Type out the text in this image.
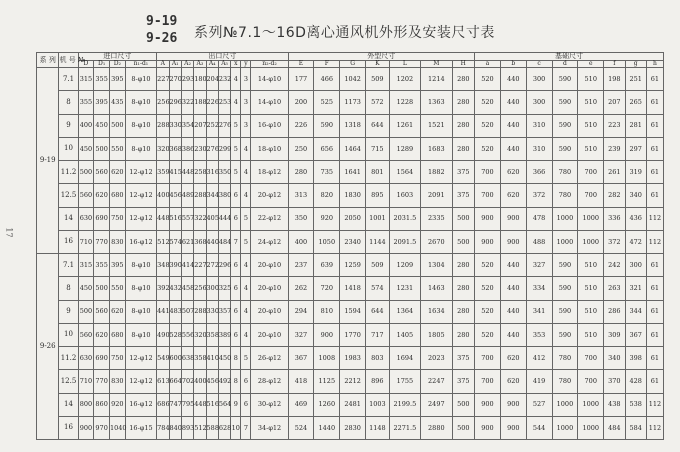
17
9-19
9-26 系列№7.1～16D离心通风机外形及安装尺寸表
系 列	机 号 №	进口尺寸				出口尺寸									外型尺寸							基础尺寸							
		D	D₁	D₂	n₁-d₁	A	A₁	A₂	A₃	A₄	A₅	x	y	n₂-d₂	E	F	G	K	L	M	H	a	b	c	d	e	f	g	h
9-19	7.1	315	355	395	8-φ10	227	270	293	180	204	232	4	3	14-φ10	177	466	1042	509	1202	1214	280	520	440	300	590	510	198	251	61
	8	355	395	435	8-φ10	256	296	322	188	226	253	4	3	14-φ10	200	525	1173	572	1228	1363	280	520	440	300	590	510	207	265	61
	9	400	450	500	8-φ10	288	330	354	207	252	276	5	3	16-φ10	226	590	1318	644	1261	1521	280	520	440	310	590	510	223	281	61
	10	450	500	550	8-φ10	320	368	386	230	276	299	5	4	18-φ10	250	656	1464	715	1289	1683	280	520	440	310	590	510	239	297	61
	11.2	500	560	620	12-φ12	359	415	448	258	316	350	5	4	18-φ12	280	735	1641	801	1564	1882	375	700	620	366	780	700	261	319	61
	12.5	560	620	680	12-φ12	400	456	489	288	344	380	6	4	20-φ12	313	820	1830	895	1603	2091	375	700	620	372	780	700	282	340	61
	14	630	690	750	12-φ12	448	516	557	322	405	444	6	5	22-φ12	350	920	2050	1001	2031.5	2335	500	900	900	478	1000	1000	336	436	112
	16	710	770	830	16-φ12	512	574	621	368	440	484	7	5	24-φ12	400	1050	2340	1144	2091.5	2670	500	900	900	488	1000	1000	372	472	112
9-26	7.1	315	355	395	8-φ10	348	390	414	227	272	296	6	4	20-φ10	237	639	1259	509	1209	1304	280	520	440	327	590	510	242	300	61
	8	450	500	550	8-φ10	392	432	458	256	300	325	6	4	20-φ10	262	720	1418	574	1231	1463	280	520	440	334	590	510	263	321	61
	9	500	560	620	8-φ10	441	483	507	288	330	357	6	4	20-φ10	294	810	1594	644	1364	1634	280	520	440	341	590	510	286	344	61
	10	560	620	680	8-φ10	490	528	556	320	358	389	6	4	20-φ10	327	900	1770	717	1405	1805	280	520	440	353	590	510	309	367	61
	11.2	630	690	750	12-φ12	549	600	638	358	410	450	8	5	26-φ12	367	1008	1983	803	1694	2023	375	700	620	412	780	700	340	398	61
	12.5	710	770	830	12-φ12	613	664	702	400	456	492	8	6	28-φ12	418	1125	2212	896	1755	2247	375	700	620	419	780	700	370	428	61
	14	800	860	920	16-φ12	686	747	795	448	516	564	9	6	30-φ12	469	1260	2481	1003	2199.5	2497	500	900	900	527	1000	1000	438	538	112
	16	900	970	1040	16-φ15	784	840	893	512	588	628	10	7	34-φ12	524	1440	2830	1148	2271.5	2880	500	900	900	544	1000	1000	484	584	112
